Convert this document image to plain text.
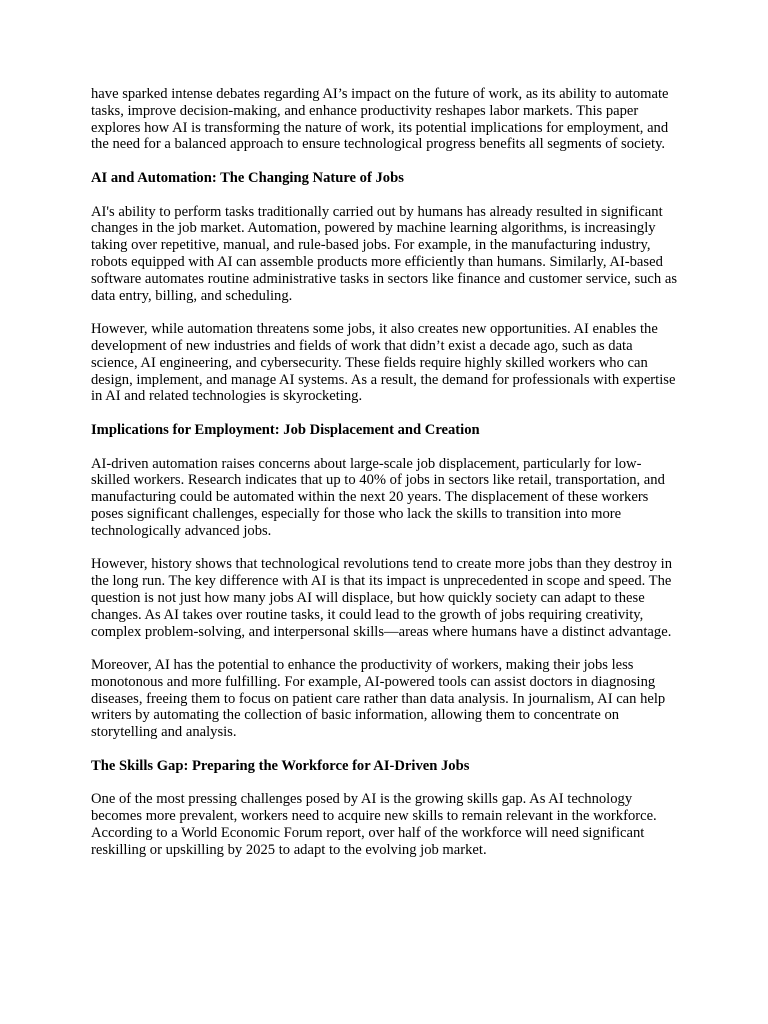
have sparked intense debates regarding AI’s impact on the future of work, as its ability to automate tasks, improve decision-making, and enhance productivity reshapes labor markets. This paper explores how AI is transforming the nature of work, its potential implications for employment, and the need for a balanced approach to ensure technological progress benefits all segments of society.

AI and Automation: The Changing Nature of Jobs

AI's ability to perform tasks traditionally carried out by humans has already resulted in significant changes in the job market. Automation, powered by machine learning algorithms, is increasingly taking over repetitive, manual, and rule-based jobs. For example, in the manufacturing industry, robots equipped with AI can assemble products more efficiently than humans. Similarly, AI-based software automates routine administrative tasks in sectors like finance and customer service, such as data entry, billing, and scheduling.

However, while automation threatens some jobs, it also creates new opportunities. AI enables the development of new industries and fields of work that didn’t exist a decade ago, such as data science, AI engineering, and cybersecurity. These fields require highly skilled workers who can design, implement, and manage AI systems. As a result, the demand for professionals with expertise in AI and related technologies is skyrocketing.

Implications for Employment: Job Displacement and Creation

AI-driven automation raises concerns about large-scale job displacement, particularly for low-skilled workers. Research indicates that up to 40% of jobs in sectors like retail, transportation, and manufacturing could be automated within the next 20 years. The displacement of these workers poses significant challenges, especially for those who lack the skills to transition into more technologically advanced jobs.

However, history shows that technological revolutions tend to create more jobs than they destroy in the long run. The key difference with AI is that its impact is unprecedented in scope and speed. The question is not just how many jobs AI will displace, but how quickly society can adapt to these changes. As AI takes over routine tasks, it could lead to the growth of jobs requiring creativity, complex problem-solving, and interpersonal skills—areas where humans have a distinct advantage.

Moreover, AI has the potential to enhance the productivity of workers, making their jobs less monotonous and more fulfilling. For example, AI-powered tools can assist doctors in diagnosing diseases, freeing them to focus on patient care rather than data analysis. In journalism, AI can help writers by automating the collection of basic information, allowing them to concentrate on storytelling and analysis.

The Skills Gap: Preparing the Workforce for AI-Driven Jobs

One of the most pressing challenges posed by AI is the growing skills gap. As AI technology becomes more prevalent, workers need to acquire new skills to remain relevant in the workforce. According to a World Economic Forum report, over half of the workforce will need significant reskilling or upskilling by 2025 to adapt to the evolving job market.
